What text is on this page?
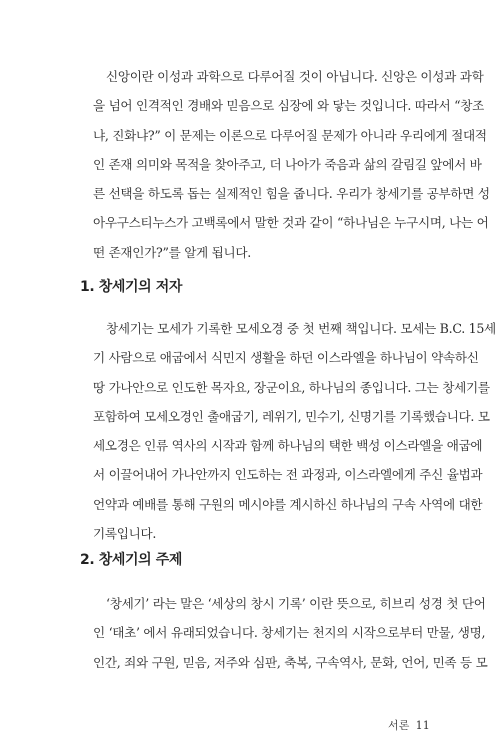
신앙이란 이성과 과학으로 다루어질 것이 아닙니다. 신앙은 이성과 과학
을 넘어 인격적인 경배와 믿음으로 심장에 와 닿는 것입니다. 따라서 “창조
냐, 진화냐?” 이 문제는 이론으로 다루어질 문제가 아니라 우리에게 절대적
인 존재 의미와 목적을 찾아주고, 더 나아가 죽음과 삶의 갈림길 앞에서 바
른 선택을 하도록 돕는 실제적인 힘을 줍니다. 우리가 창세기를 공부하면 성
아우구스티누스가 고백록에서 말한 것과 같이 “하나님은 누구시며, 나는 어
떤 존재인가?”를 알게 됩니다.
1. 창세기의 저자
창세기는 모세가 기록한 모세오경 중 첫 번째 책입니다. 모세는 B.C. 15세
기 사람으로 애굽에서 식민지 생활을 하던 이스라엘을 하나님이 약속하신
땅 가나안으로 인도한 목자요, 장군이요, 하나님의 종입니다. 그는 창세기를
포함하여 모세오경인 출애굽기, 레위기, 민수기, 신명기를 기록했습니다. 모
세오경은 인류 역사의 시작과 함께 하나님의 택한 백성 이스라엘을 애굽에
서 이끌어내어 가나안까지 인도하는 전 과정과, 이스라엘에게 주신 율법과
언약과 예배를 통해 구원의 메시야를 계시하신 하나님의 구속 사역에 대한
기록입니다.
2. 창세기의 주제
‘창세기’ 라는 말은 ‘세상의 창시 기록’ 이란 뜻으로, 히브리 성경 첫 단어
인 ‘태초’ 에서 유래되었습니다. 창세기는 천지의 시작으로부터 만물, 생명,
인간, 죄와 구원, 믿음, 저주와 심판, 축복, 구속역사, 문화, 언어, 민족 등 모
서론 11
